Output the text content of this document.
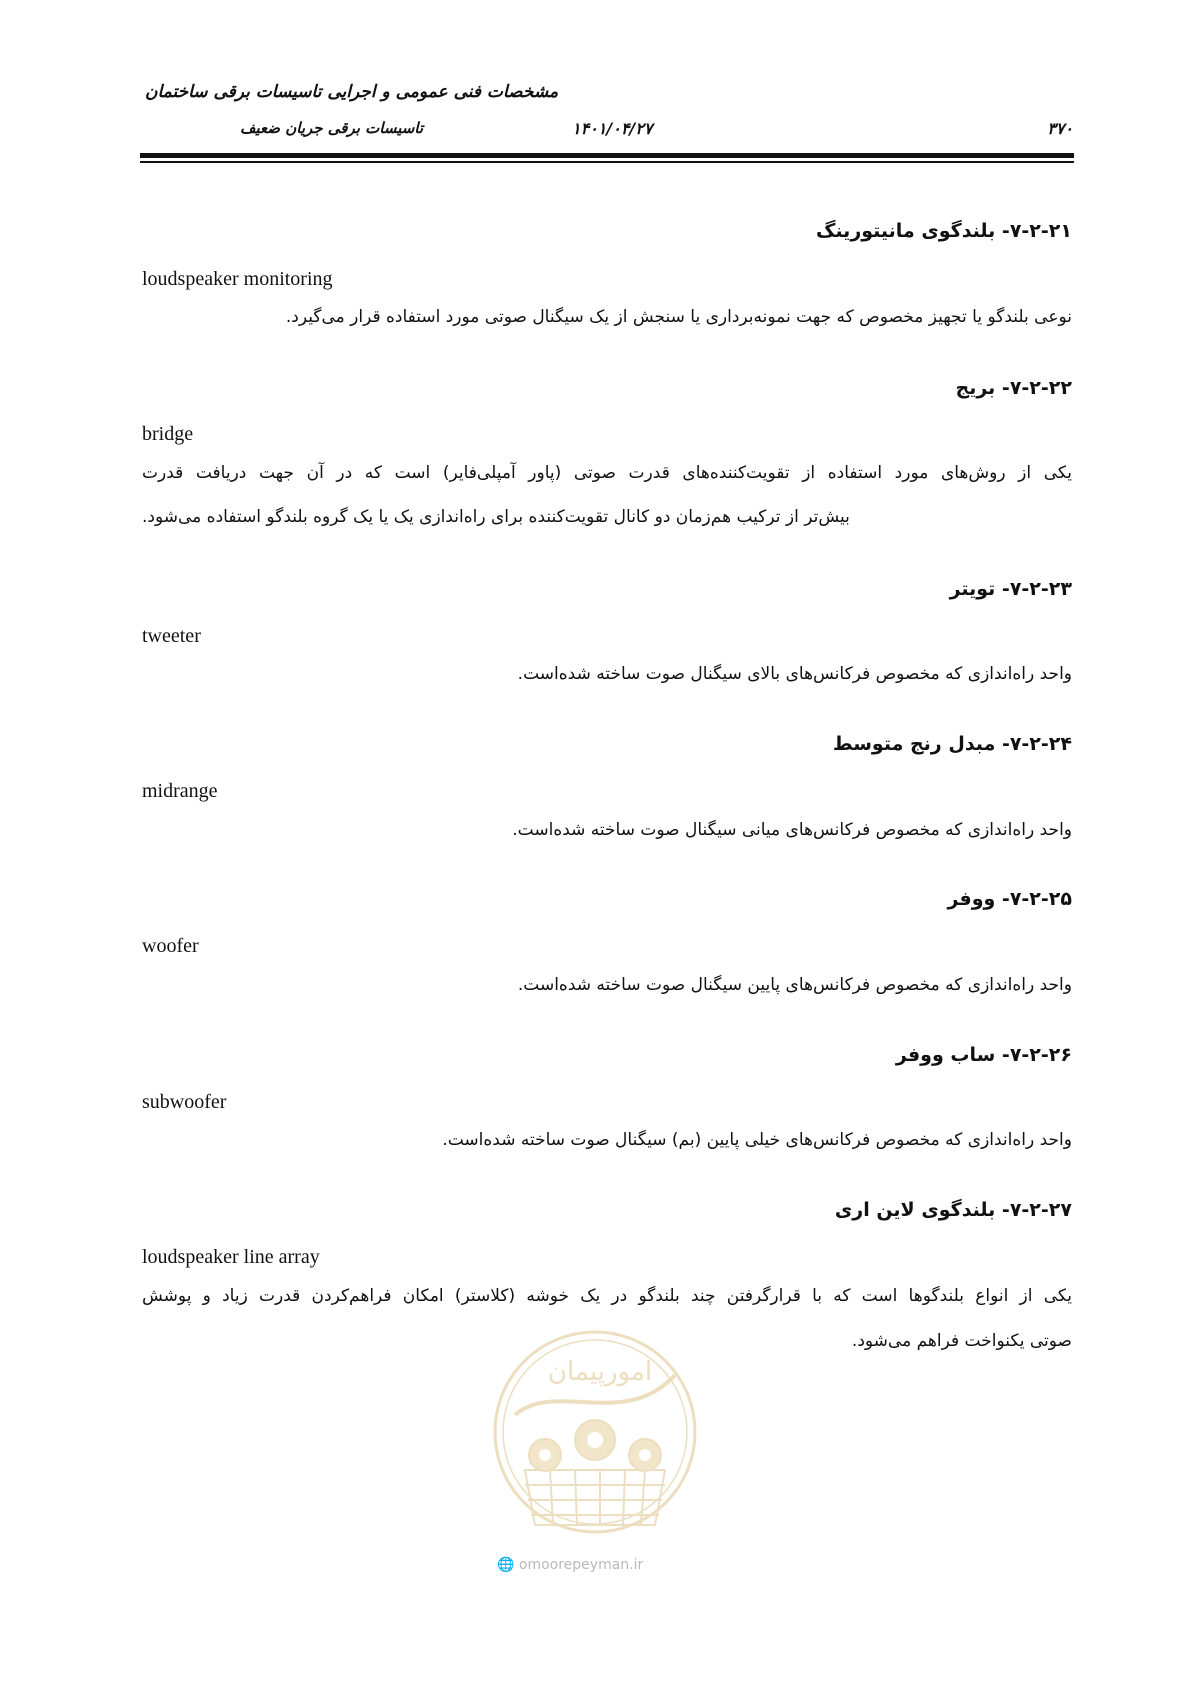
مشخصات فنی عمومی و اجرایی تاسیسات برقی ساختمان
تاسیسات برقی جریان ضعیف	۱۴۰۱/۰۴/۲۷	۳۷۰
۷-۲-۲۱- بلندگوی مانیتورینگ
loudspeaker monitoring
نوعی بلندگو یا تجهیز مخصوص که جهت نمونه‌برداری یا سنجش از یک سیگنال صوتی مورد استفاده قرار می‌گیرد.
۷-۲-۲۲- بریج
bridge
یکی از روش‌های مورد استفاده از تقویت‌کننده‌های قدرت صوتی (پاور آمپلی‌فایر) است که در آن جهت دریافت قدرت
بیش‌تر از ترکیب هم‌زمان دو کانال تقویت‌کننده برای راه‌اندازی یک یا یک گروه بلندگو استفاده می‌شود.
۷-۲-۲۳- تویتر
tweeter
واحد راه‌اندازی که مخصوص فرکانس‌های بالای سیگنال صوت ساخته شده‌است.
۷-۲-۲۴- مبدل رنج متوسط
midrange
واحد راه‌اندازی که مخصوص فرکانس‌های میانی سیگنال صوت ساخته شده‌است.
۷-۲-۲۵- ووفر
woofer
واحد راه‌اندازی که مخصوص فرکانس‌های پایین سیگنال صوت ساخته شده‌است.
۷-۲-۲۶- ساب ووفر
subwoofer
واحد راه‌اندازی که مخصوص فرکانس‌های خیلی پایین (بم) سیگنال صوت ساخته شده‌است.
۷-۲-۲۷- بلندگوی لاین اری
loudspeaker line array
یکی از انواع بلندگوها است که با قرارگرفتن چند بلندگو در یک خوشه (کلاستر) امکان فراهم‌کردن قدرت زیاد و پوشش
صوتی یکنواخت فراهم می‌شود.
امورپیمان
🌐 omoorepeyman.ir
